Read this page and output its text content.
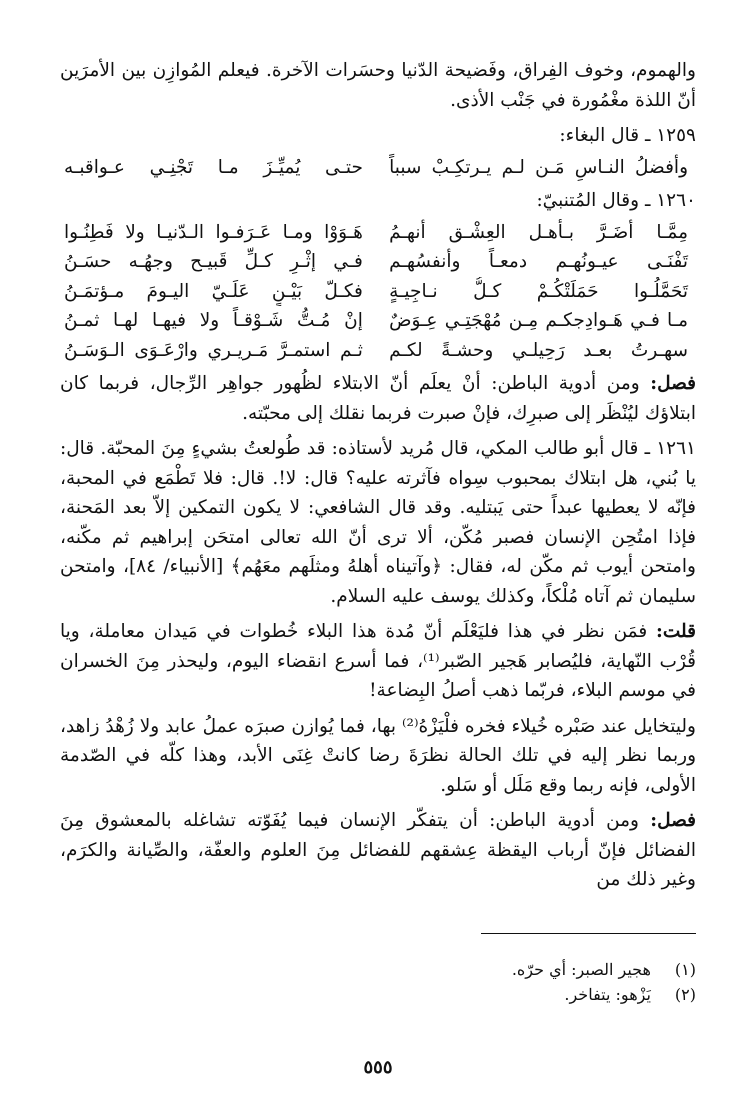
والهموم، وخوف الفِراق، وفَضيحة الدّنيا وحسَرات الآخرة. فيعلم المُوازِن بين الأمرَين أنّ اللذة مغْمُورة في جَنْب الأذى.

١٢٥٩ ـ قال البغاء:
وأفضلُ النـاسِ مَـن لـم يـرتكِـبْ سبباً
حتـى يُميِّـزَ مـا تَجْنِـي عـواقبـه
١٢٦٠ ـ وقال المُتنبيّ:
مِمَّـا أضَـرَّ بـأهـل العِشْـق أنهـمُ
هَـوَوْا ومـا عَـرَفـوا الـدّنيـا ولا فَطِنُـوا
تَفْنَـى عيـونُهـم دمعـاً وأنفسُهـم
فـي إثْـرِ كـلِّ قَبيـح وجهُـه حسَـنُ
تَحَمَّلُـوا حَمَلَتْكُـمْ كـلُّ نـاجِيـةٍ
فكـلّ بَيْـنٍ عَلَـيّ اليـومَ مـؤتمَـنُ
مـا فـي هَـوادِجكـم مِـن مُهْجَتِـي عِـوَضٌ
إنْ مُـتُّ شَـوْقـاً ولا فيهـا لهـا ثمـنُ
سهـرتُ بعـد رَحِيلـي وحشـةً لكـم
ثـم استمـرَّ مَـريـري وارْعَـوَى الـوَسَـنُ

فصل: ومن أدوية الباطن: أنْ يعلَم أنّ الابتلاء لظُهور جواهِر الرِّجال، فربما كان ابتلاؤك ليُنْظَر إلى صبرِك، فإنْ صبرت فربما نقلك إلى محبّته.

١٢٦١ ـ قال أبو طالب المكي، قال مُريد لأستاذه: قد طُولعتُ بشيءٍ مِنَ المحبّة. قال: يا بُني، هل ابتلاك بمحبوب سِواه فآثرته عليه؟ قال: لا!. قال: فلا تَطْمَع في المحبة، فإنّه لا يعطيها عبداً حتى يَبتليه. وقد قال الشافعي: لا يكون التمكين إلاّ بعد المَحنة، فإذا امتُحِن الإنسان فصبر مُكّن، ألا ترى أنّ الله تعالى امتحَن إبراهيم ثم مكّنه، وامتحن أيوب ثم مكّن له، فقال: ﴿وآتيناه أهلهُ ومثلَهم معَهُم﴾ [الأنبياء/ ٨٤]، وامتحن سليمان ثم آتاه مُلْكاً، وكذلك يوسف عليه السلام.

قلت: فمَن نظر في هذا فليَعْلَم أنّ مُدة هذا البلاء خُطوات في مَيدان معاملة، ويا قُرْب النّهاية، فليُصابر هَجير الصّبر⁽¹⁾، فما أسرع انقضاء اليوم، وليحذر مِنَ الخسران في موسم البلاء، فربّما ذهب أصلُ البِضاعة!

وليتخايل عند صَبْره خُيلاء فخره فلْيَزْهُ⁽²⁾ بها، فما يُوازن صبرَه عملُ عابد ولا زُهْدُ زاهد، وربما نظر إليه في تلك الحالة نظرَةَ رضا كانتْ غِنَى الأبد، وهذا كلّه في الصّدمة الأولى، فإنه ربما وقع مَلَل أو سَلو.

فصل: ومن أدوية الباطن: أن يتفكّر الإنسان فيما يُفَوّته تشاغله بالمعشوق مِنَ الفضائل فإنّ أرباب اليقظة عِشقهم للفضائل مِنَ العلوم والعفّة، والصِّيانة والكرَم، وغير ذلك من

(١) هجير الصبر: أي حرّه.
(٢) يَزْهو: يتفاخر.
٥٥٥
